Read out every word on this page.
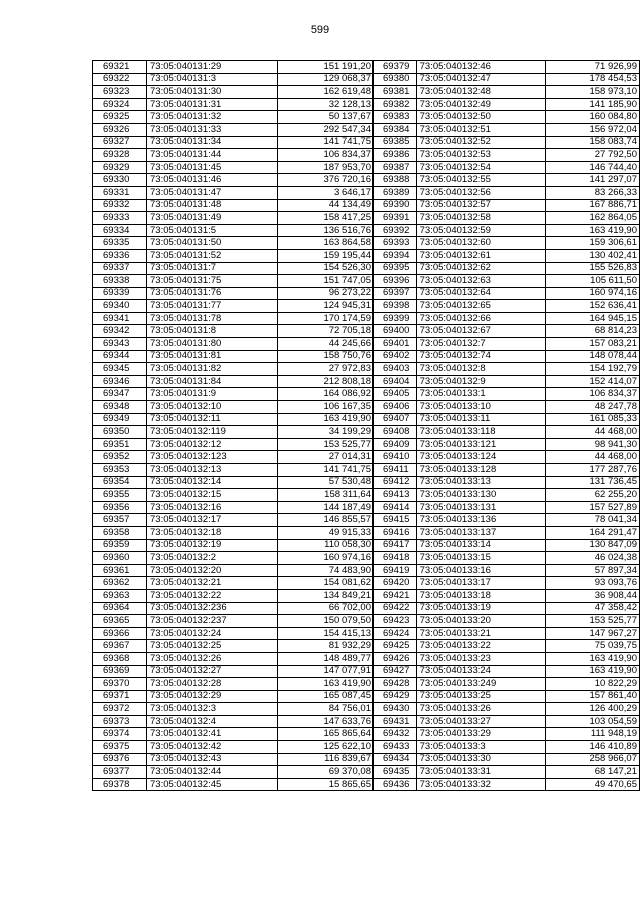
599
69321	73:05:040131:29	151 191,20
69322	73:05:040131:3	129 068,37
69323	73:05:040131:30	162 619,48
69324	73:05:040131:31	32 128,13
69325	73:05:040131:32	50 137,67
69326	73:05:040131:33	292 547,34
69327	73:05:040131:34	141 741,75
69328	73:05:040131:44	106 834,37
69329	73:05:040131:45	187 953,70
69330	73:05:040131:46	376 720,16
69331	73:05:040131:47	3 646,17
69332	73:05:040131:48	44 134,49
69333	73:05:040131:49	158 417,25
69334	73:05:040131:5	136 516,76
69335	73:05:040131:50	163 864,58
69336	73:05:040131:52	159 195,44
69337	73:05:040131:7	154 526,30
69338	73:05:040131:75	151 747,05
69339	73:05:040131:76	96 273,22
69340	73:05:040131:77	124 945,31
69341	73:05:040131:78	170 174,59
69342	73:05:040131:8	72 705,18
69343	73:05:040131:80	44 245,66
69344	73:05:040131:81	158 750,76
69345	73:05:040131:82	27 972,83
69346	73:05:040131:84	212 808,18
69347	73:05:040131:9	164 086,92
69348	73:05:040132:10	106 167,35
69349	73:05:040132:11	163 419,90
69350	73:05:040132:119	34 199,29
69351	73:05:040132:12	153 525,77
69352	73:05:040132:123	27 014,31
69353	73:05:040132:13	141 741,75
69354	73:05:040132:14	57 530,48
69355	73:05:040132:15	158 311,64
69356	73:05:040132:16	144 187,49
69357	73:05:040132:17	146 855,57
69358	73:05:040132:18	49 915,33
69359	73:05:040132:19	110 058,30
69360	73:05:040132:2	160 974,16
69361	73:05:040132:20	74 483,90
69362	73:05:040132:21	154 081,62
69363	73:05:040132:22	134 849,21
69364	73:05:040132:236	66 702,00
69365	73:05:040132:237	150 079,50
69366	73:05:040132:24	154 415,13
69367	73:05:040132:25	81 932,29
69368	73:05:040132:26	148 489,77
69369	73:05:040132:27	147 077,91
69370	73:05:040132:28	163 419,90
69371	73:05:040132:29	165 087,45
69372	73:05:040132:3	84 756,01
69373	73:05:040132:4	147 633,76
69374	73:05:040132:41	165 865,64
69375	73:05:040132:42	125 622,10
69376	73:05:040132:43	116 839,67
69377	73:05:040132:44	69 370,08
69378	73:05:040132:45	15 865,65
69379	73:05:040132:46	71 926,99
69380	73:05:040132:47	178 454,53
69381	73:05:040132:48	158 973,10
69382	73:05:040132:49	141 185,90
69383	73:05:040132:50	160 084,80
69384	73:05:040132:51	156 972,04
69385	73:05:040132:52	158 083,74
69386	73:05:040132:53	27 792,50
69387	73:05:040132:54	146 744,40
69388	73:05:040132:55	141 297,07
69389	73:05:040132:56	83 266,33
69390	73:05:040132:57	167 886,71
69391	73:05:040132:58	162 864,05
69392	73:05:040132:59	163 419,90
69393	73:05:040132:60	159 306,61
69394	73:05:040132:61	130 402,41
69395	73:05:040132:62	155 526,83
69396	73:05:040132:63	105 611,50
69397	73:05:040132:64	160 974,16
69398	73:05:040132:65	152 636,41
69399	73:05:040132:66	164 945,15
69400	73:05:040132:67	68 814,23
69401	73:05:040132:7	157 083,21
69402	73:05:040132:74	148 078,44
69403	73:05:040132:8	154 192,79
69404	73:05:040132:9	152 414,07
69405	73:05:040133:1	106 834,37
69406	73:05:040133:10	48 247,78
69407	73:05:040133:11	161 085,33
69408	73:05:040133:118	44 468,00
69409	73:05:040133:121	98 941,30
69410	73:05:040133:124	44 468,00
69411	73:05:040133:128	177 287,76
69412	73:05:040133:13	131 736,45
69413	73:05:040133:130	62 255,20
69414	73:05:040133:131	157 527,89
69415	73:05:040133:136	78 041,34
69416	73:05:040133:137	164 291,47
69417	73:05:040133:14	130 847,09
69418	73:05:040133:15	46 024,38
69419	73:05:040133:16	57 897,34
69420	73:05:040133:17	93 093,76
69421	73:05:040133:18	36 908,44
69422	73:05:040133:19	47 358,42
69423	73:05:040133:20	153 525,77
69424	73:05:040133:21	147 967,27
69425	73:05:040133:22	75 039,75
69426	73:05:040133:23	163 419,90
69427	73:05:040133:24	163 419,90
69428	73:05:040133:249	10 822,29
69429	73:05:040133:25	157 861,40
69430	73:05:040133:26	126 400,29
69431	73:05:040133:27	103 054,59
69432	73:05:040133:29	111 948,19
69433	73:05:040133:3	146 410,89
69434	73:05:040133:30	258 966,07
69435	73:05:040133:31	68 147,21
69436	73:05:040133:32	49 470,65
